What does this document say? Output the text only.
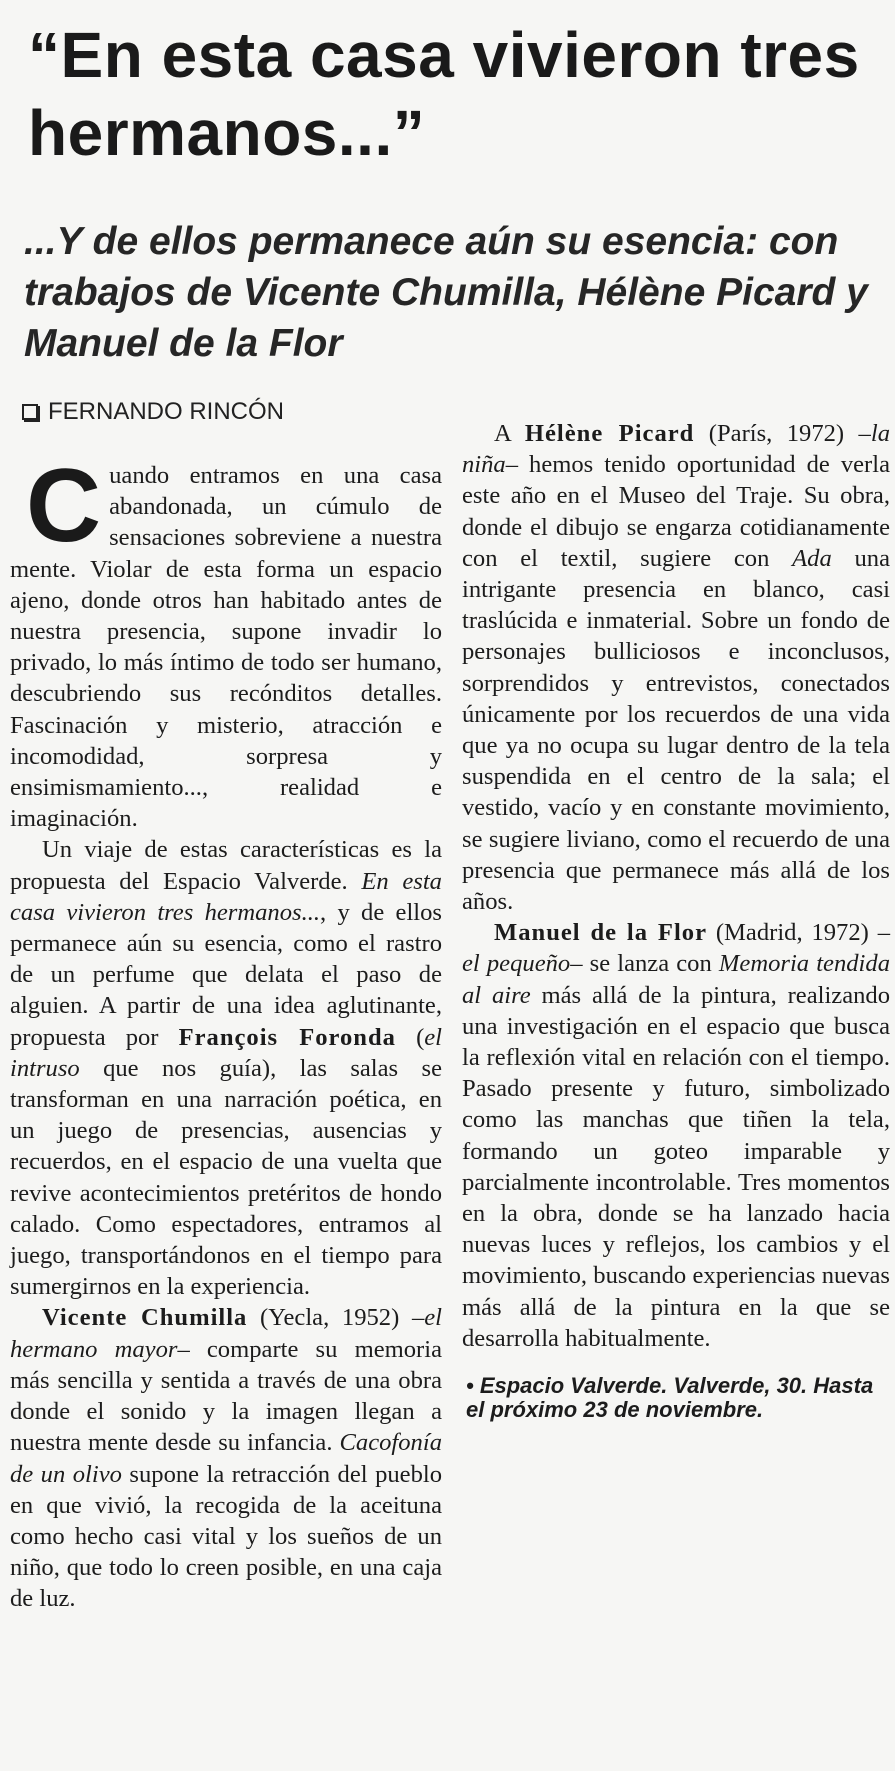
“En esta casa vivieron tres hermanos...”
...Y de ellos permanece aún su esencia: con trabajos de Vicente Chumilla, Hélène Picard y Manuel de la Flor
FERNANDO RINCÓN

Cuando entramos en una casa abandonada, un cúmulo de sensaciones sobreviene a nuestra mente. Violar de esta forma un espacio ajeno, donde otros han habitado antes de nuestra presencia, supone invadir lo privado, lo más íntimo de todo ser humano, descubriendo sus recónditos detalles. Fascinación y misterio, atracción e incomodidad, sorpresa y ensimismamiento..., realidad e imaginación.

Un viaje de estas características es la propuesta del Espacio Valverde. En esta casa vivieron tres hermanos..., y de ellos permanece aún su esencia, como el rastro de un perfume que delata el paso de alguien. A partir de una idea aglutinante, propuesta por François Foronda (el intruso que nos guía), las salas se transforman en una narración poética, en un juego de presencias, ausencias y recuerdos, en el espacio de una vuelta que revive acontecimientos pretéritos de hondo calado. Como espectadores, entramos al juego, transportándonos en el tiempo para sumergirnos en la experiencia.

Vicente Chumilla (Yecla, 1952) –el hermano mayor– comparte su memoria más sencilla y sentida a través de una obra donde el sonido y la imagen llegan a nuestra mente desde su infancia. Cacofonía de un olivo supone la retracción del pueblo en que vivió, la recogida de la aceituna como hecho casi vital y los sueños de un niño, que todo lo creen posible, en una caja de luz.

A Hélène Picard (París, 1972) –la niña– hemos tenido oportunidad de verla este año en el Museo del Traje. Su obra, donde el dibujo se engarza cotidianamente con el textil, sugiere con Ada una intrigante presencia en blanco, casi traslúcida e inmaterial. Sobre un fondo de personajes bulliciosos e inconclusos, sorprendidos y entrevistos, conectados únicamente por los recuerdos de una vida que ya no ocupa su lugar dentro de la tela suspendida en el centro de la sala; el vestido, vacío y en constante movimiento, se sugiere liviano, como el recuerdo de una presencia que permanece más allá de los años.

Manuel de la Flor (Madrid, 1972) –el pequeño– se lanza con Memoria tendida al aire más allá de la pintura, realizando una investigación en el espacio que busca la reflexión vital en relación con el tiempo. Pasado presente y futuro, simbolizado como las manchas que tiñen la tela, formando un goteo imparable y parcialmente incontrolable. Tres momentos en la obra, donde se ha lanzado hacia nuevas luces y reflejos, los cambios y el movimiento, buscando experiencias nuevas más allá de la pintura en la que se desarrolla habitualmente.

• Espacio Valverde. Valverde, 30. Hasta el próximo 23 de noviembre.
